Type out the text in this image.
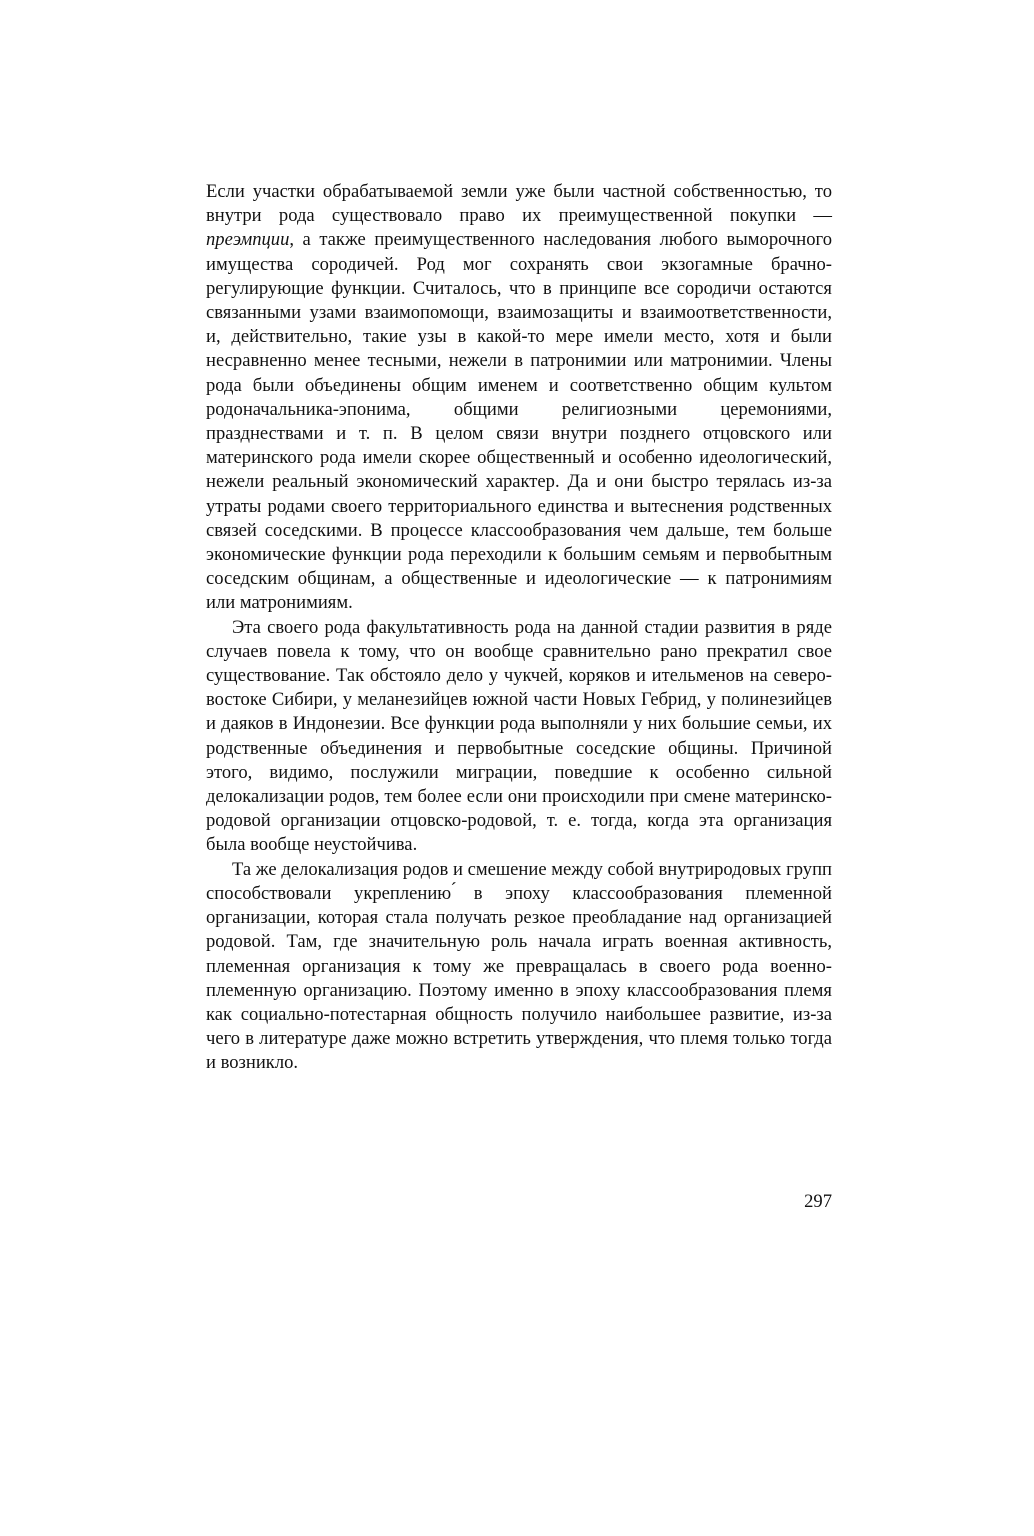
Если участки обрабатываемой земли уже были частной собственностью, то внутри рода существовало право их преимущественной покупки — преэмпции, а также преимущественного наследования любого выморочного имущества сородичей. Род мог сохранять свои экзогамные брачно-регулирующие функции. Считалось, что в принципе все сородичи остаются связанными узами взаимопомощи, взаимозащиты и взаимоответственности, и, действительно, такие узы в какой-то мере имели место, хотя и были несравненно менее тесными, нежели в патронимии или матронимии. Члены рода были объединены общим именем и соответственно общим культом родоначальника-эпонима, общими религиозными церемониями, празднествами и т. п. В целом связи внутри позднего отцовского или материнского рода имели скорее общественный и особенно идеологический, нежели реальный экономический характер. Да и они быстро терялась из-за утраты родами своего территориального единства и вытеснения родственных связей соседскими. В процессе классообразования чем дальше, тем больше экономические функции рода переходили к большим семьям и первобытным соседским общинам, а общественные и идеологические — к патронимиям или матронимиям.

Эта своего рода факультативность рода на данной стадии развития в ряде случаев повела к тому, что он вообще сравнительно рано прекратил свое существование. Так обстояло дело у чукчей, коряков и ительменов на северо-востоке Сибири, у меланезийцев южной части Новых Гебрид, у полинезийцев и даяков в Индонезии. Все функции рода выполняли у них большие семьи, их родственные объединения и первобытные соседские общины. Причиной этого, видимо, послужили миграции, поведшие к особенно сильной делокализации родов, тем более если они происходили при смене материнско-родовой организации отцовско-родовой, т. е. тогда, когда эта организация была вообще неустойчива.

Та же делокализация родов и смешение между собой внутриродовых групп способствовали укреплению ́в эпоху классообразования племенной организации, которая стала получать резкое преобладание над организацией родовой. Там, где значительную роль начала играть военная активность, племенная организация к тому же превращалась в своего рода военно-племенную организацию. Поэтому именно в эпоху классообразования племя как социально-потестарная общность получило наибольшее развитие, из-за чего в литературе даже можно встретить утверждения, что племя только тогда и возникло.

297
